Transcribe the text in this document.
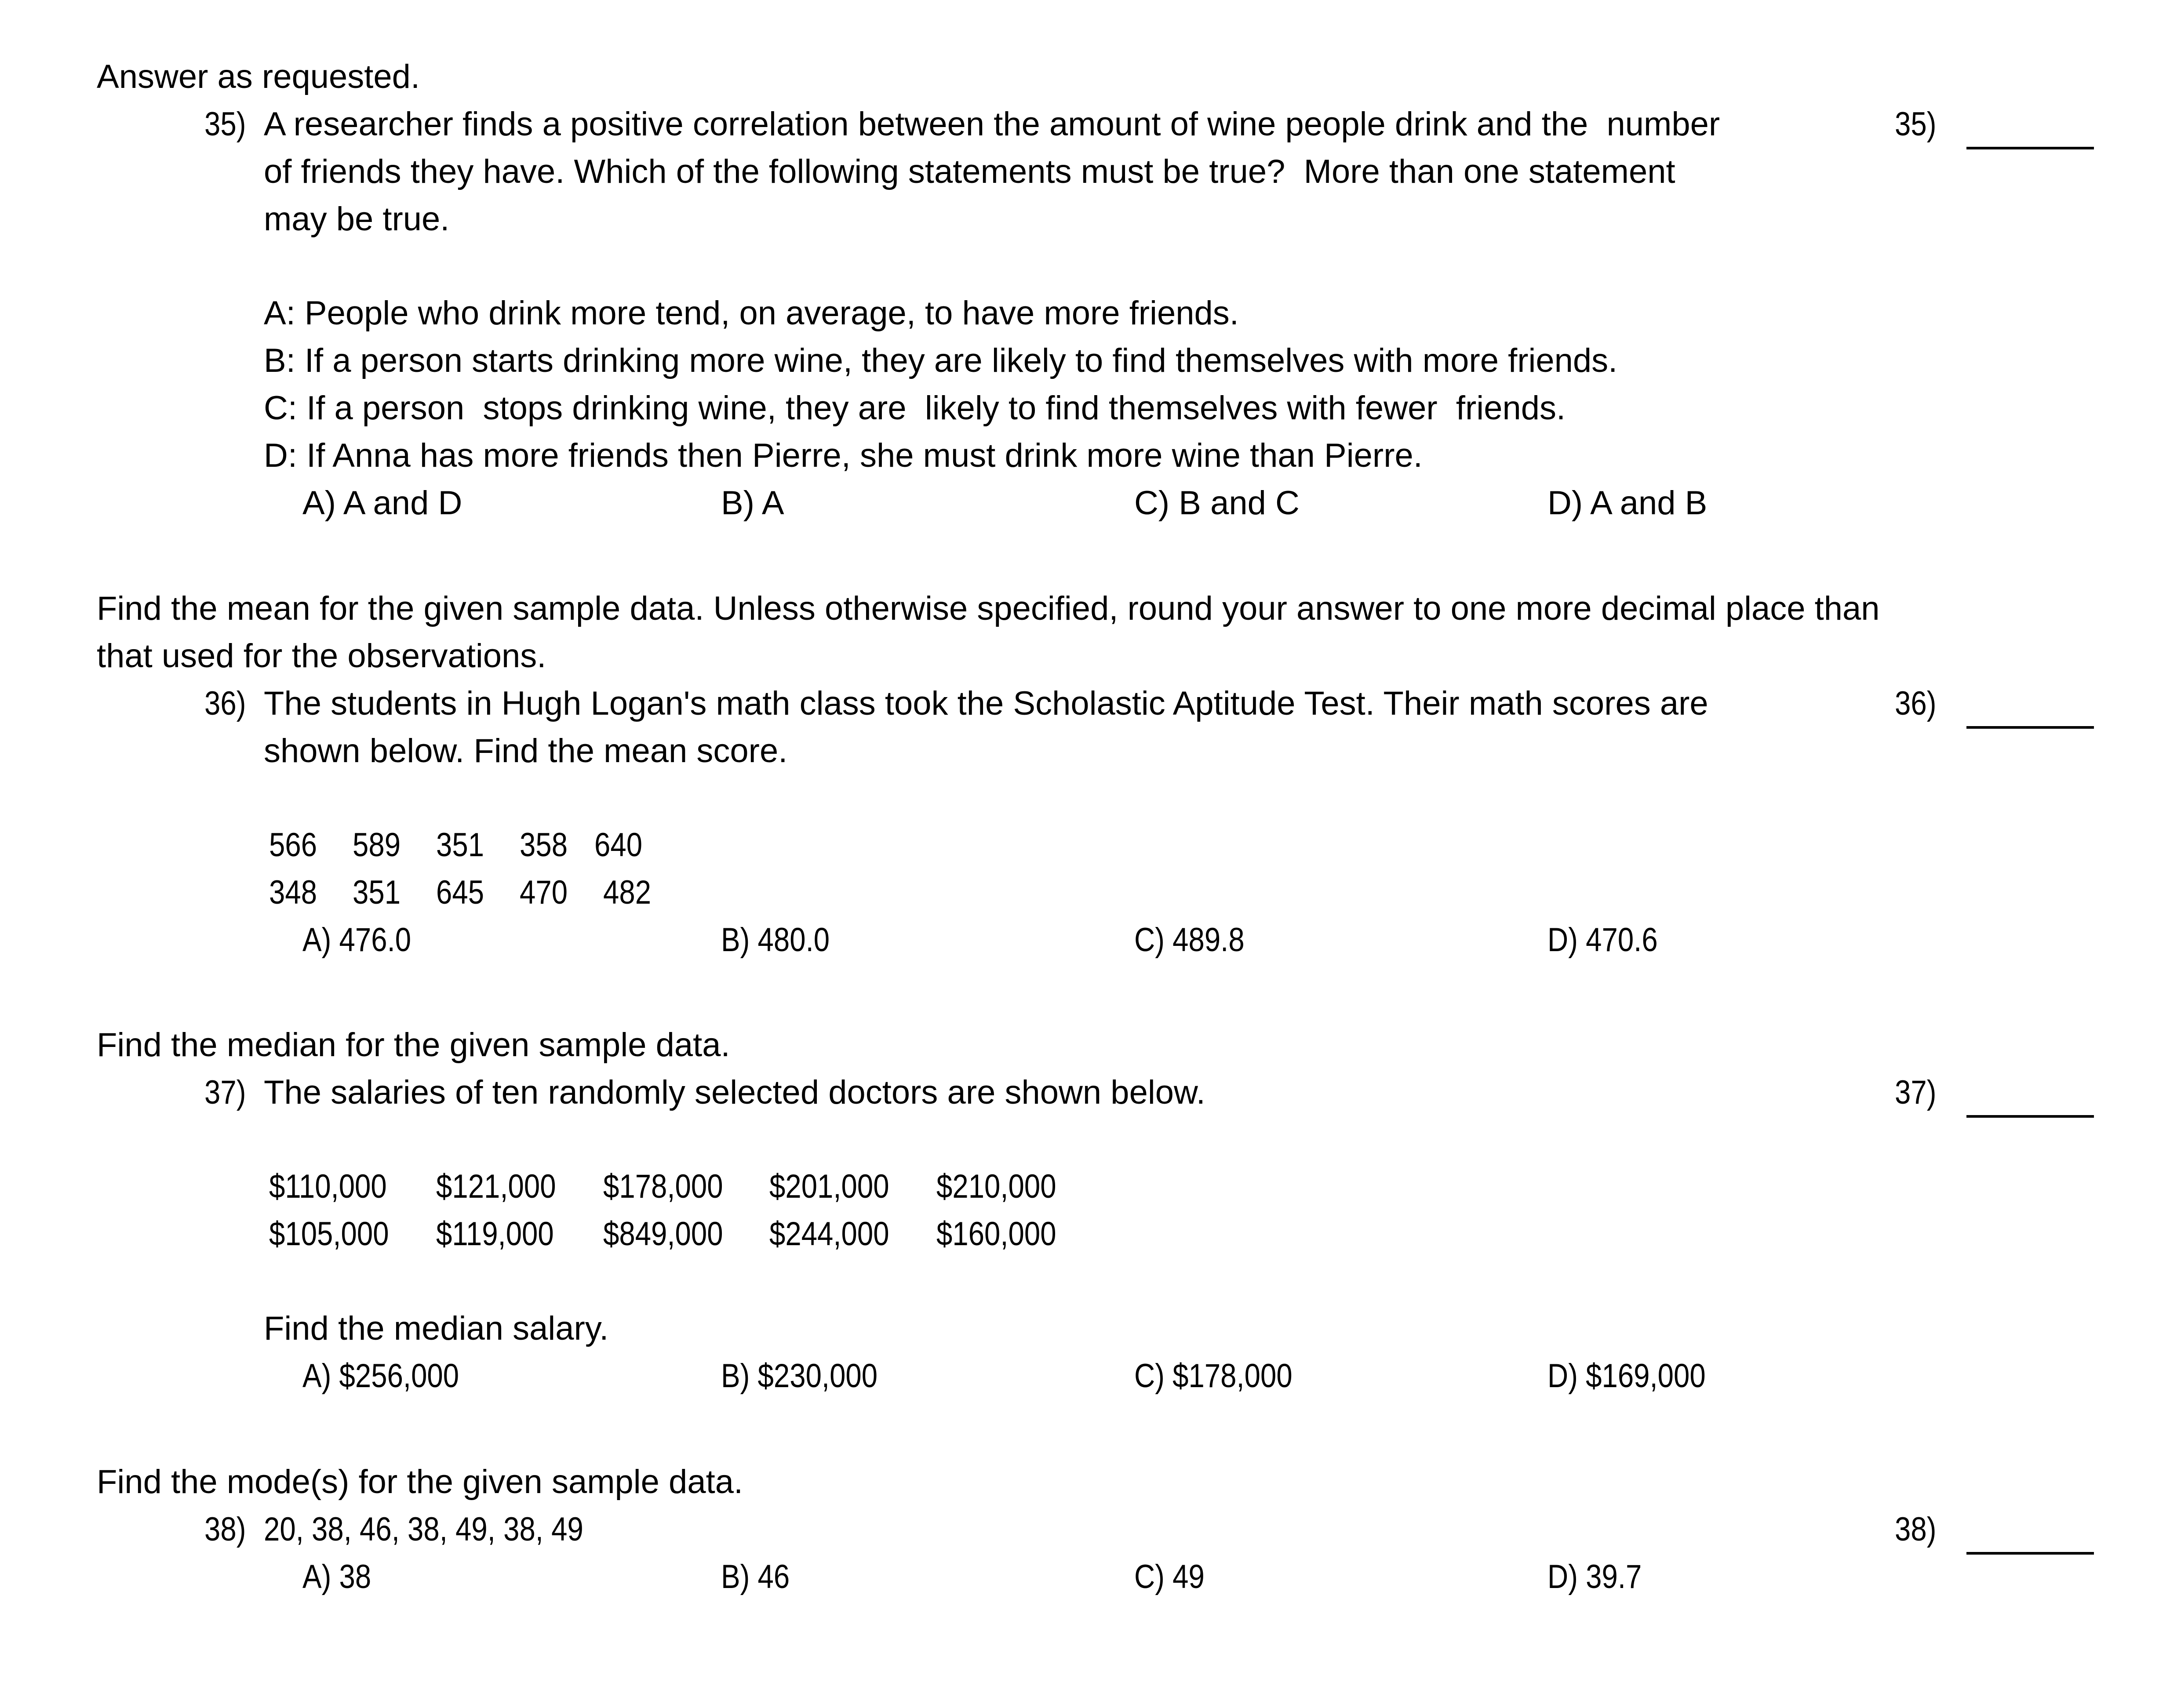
Answer as requested.
35) A researcher finds a positive correlation between the amount of wine people drink and the  number
of friends they have. Which of the following statements must be true?  More than one statement
may be true.
35)
A: People who drink more tend, on average, to have more friends.
B: If a person starts drinking more wine, they are likely to find themselves with more friends.
C: If a person  stops drinking wine, they are  likely to find themselves with fewer  friends.
D: If Anna has more friends then Pierre, she must drink more wine than Pierre.
A) A and D	B) A	C) B and C	D) A and B
Find the mean for the given sample data. Unless otherwise specified, round your answer to one more decimal place than
that used for the observations.
36) The students in Hugh Logan's math class took the Scholastic Aptitude Test. Their math scores are
shown below. Find the mean score.
36)
566 589 351 358 640
348 351 645 470 482
A) 476.0	B) 480.0	C) 489.8	D) 470.6
Find the median for the given sample data.
37) The salaries of ten randomly selected doctors are shown below.	37)
$110,000 $121,000 $178,000 $201,000 $210,000
$105,000 $119,000 $849,000 $244,000 $160,000
Find the median salary.
A) $256,000	B) $230,000	C) $178,000	D) $169,000
Find the mode(s) for the given sample data.
38) 20, 38, 46, 38, 49, 38, 49	38)
A) 38	B) 46	C) 49	D) 39.7
